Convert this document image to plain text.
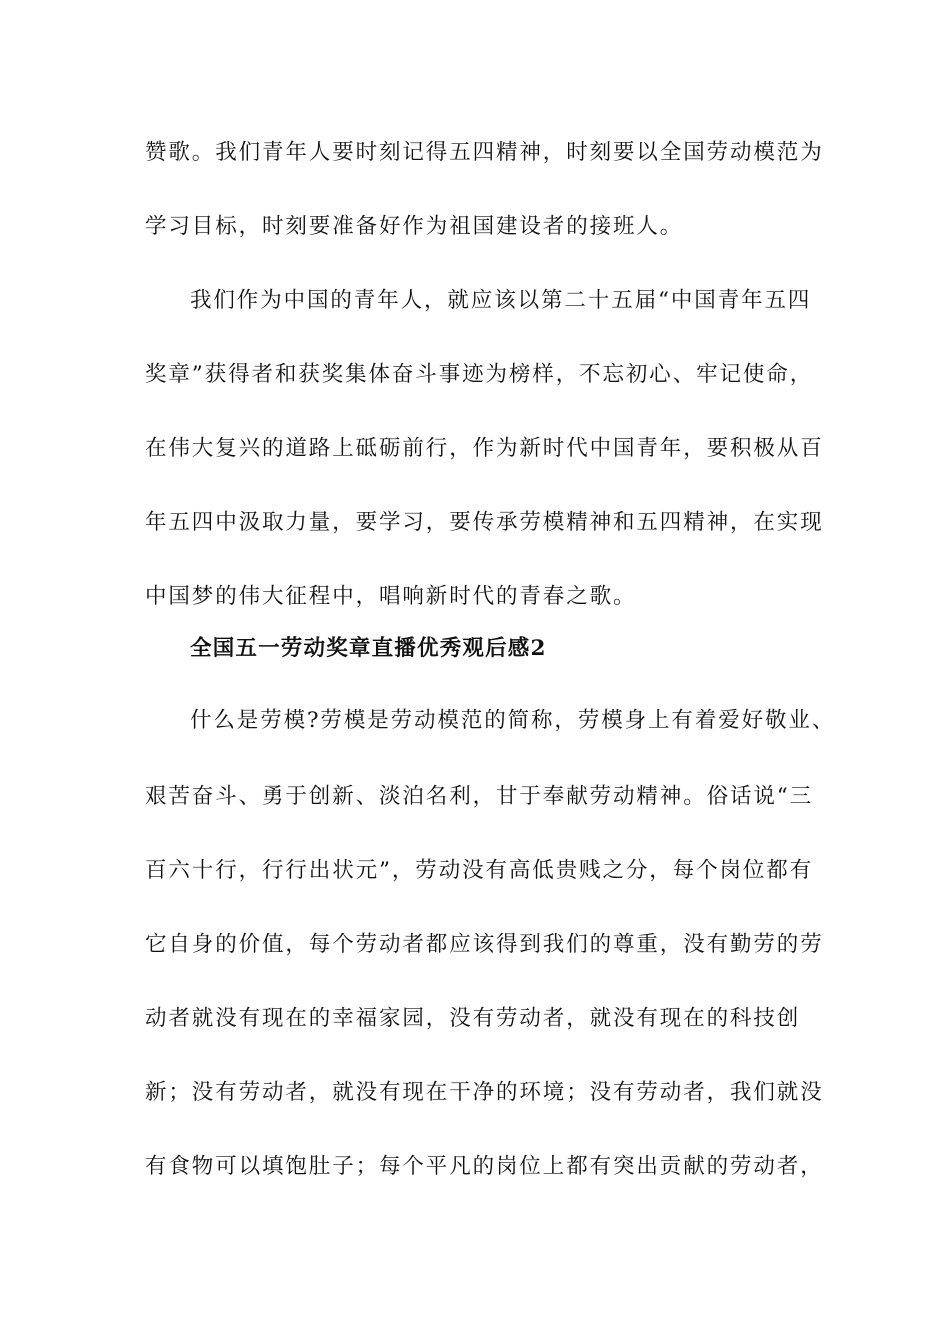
赞歌。我们青年人要时刻记得五四精神，时刻要以全国劳动模范为
学习目标，时刻要准备好作为祖国建设者的接班人。
我们作为中国的青年人，就应该以第二十五届“中国青年五四
奖章”获得者和获奖集体奋斗事迹为榜样，不忘初心、牢记使命，
在伟大复兴的道路上砥砺前行，作为新时代中国青年，要积极从百
年五四中汲取力量，要学习，要传承劳模精神和五四精神，在实现
中国梦的伟大征程中，唱响新时代的青春之歌。
全国五一劳动奖章直播优秀观后感2
什么是劳模?劳模是劳动模范的简称，劳模身上有着爱好敬业、
艰苦奋斗、勇于创新、淡泊名利，甘于奉献劳动精神。俗话说“三
百六十行，行行出状元”，劳动没有高低贵贱之分，每个岗位都有
它自身的价值，每个劳动者都应该得到我们的尊重，没有勤劳的劳
动者就没有现在的幸福家园，没有劳动者，就没有现在的科技创
新；没有劳动者，就没有现在干净的环境；没有劳动者，我们就没
有食物可以填饱肚子；每个平凡的岗位上都有突出贡献的劳动者，
